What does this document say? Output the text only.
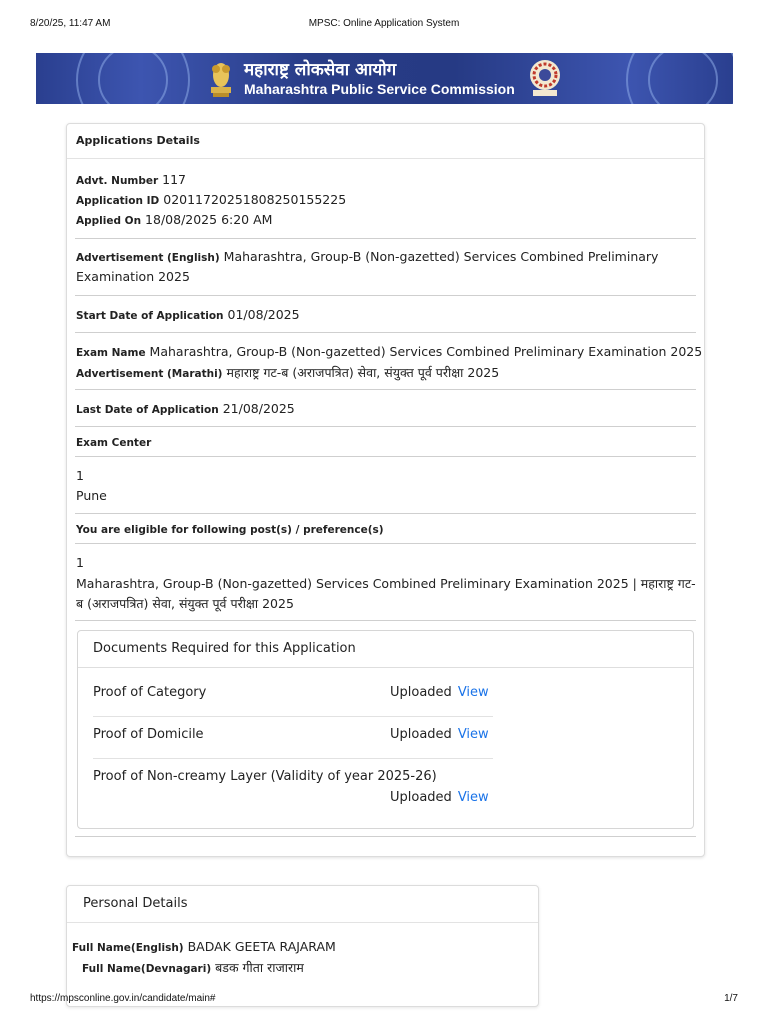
8/20/25, 11:47 AM	MPSC: Online Application System
महाराष्ट्र लोकसेवा आयोग
Maharashtra Public Service Commission
Applications Details
Advt. Number 117
Application ID 02011720251808250155225
Applied On 18/08/2025 6:20 AM
Advertisement (English) Maharashtra, Group-B (Non-gazetted) Services Combined Preliminary
Examination 2025
Start Date of Application 01/08/2025
Exam Name Maharashtra, Group-B (Non-gazetted) Services Combined Preliminary Examination 2025
Advertisement (Marathi) महाराष्ट्र गट-ब (अराजपत्रित) सेवा, संयुक्त पूर्व परीक्षा 2025
Last Date of Application 21/08/2025
Exam Center
1
Pune
You are eligible for following post(s) / preference(s)
1
Maharashtra, Group-B (Non-gazetted) Services Combined Preliminary Examination 2025 | महाराष्ट्र गट-
ब (अराजपत्रित) सेवा, संयुक्त पूर्व परीक्षा 2025
Documents Required for this Application
Proof of Category	Uploaded View
Proof of Domicile	Uploaded View
Proof of Non-creamy Layer (Validity of year 2025-26)
Uploaded View
Personal Details
Full Name(English) BADAK GEETA RAJARAM
Full Name(Devnagari) बडक गीता राजाराम
https://mpsconline.gov.in/candidate/main#	1/7
